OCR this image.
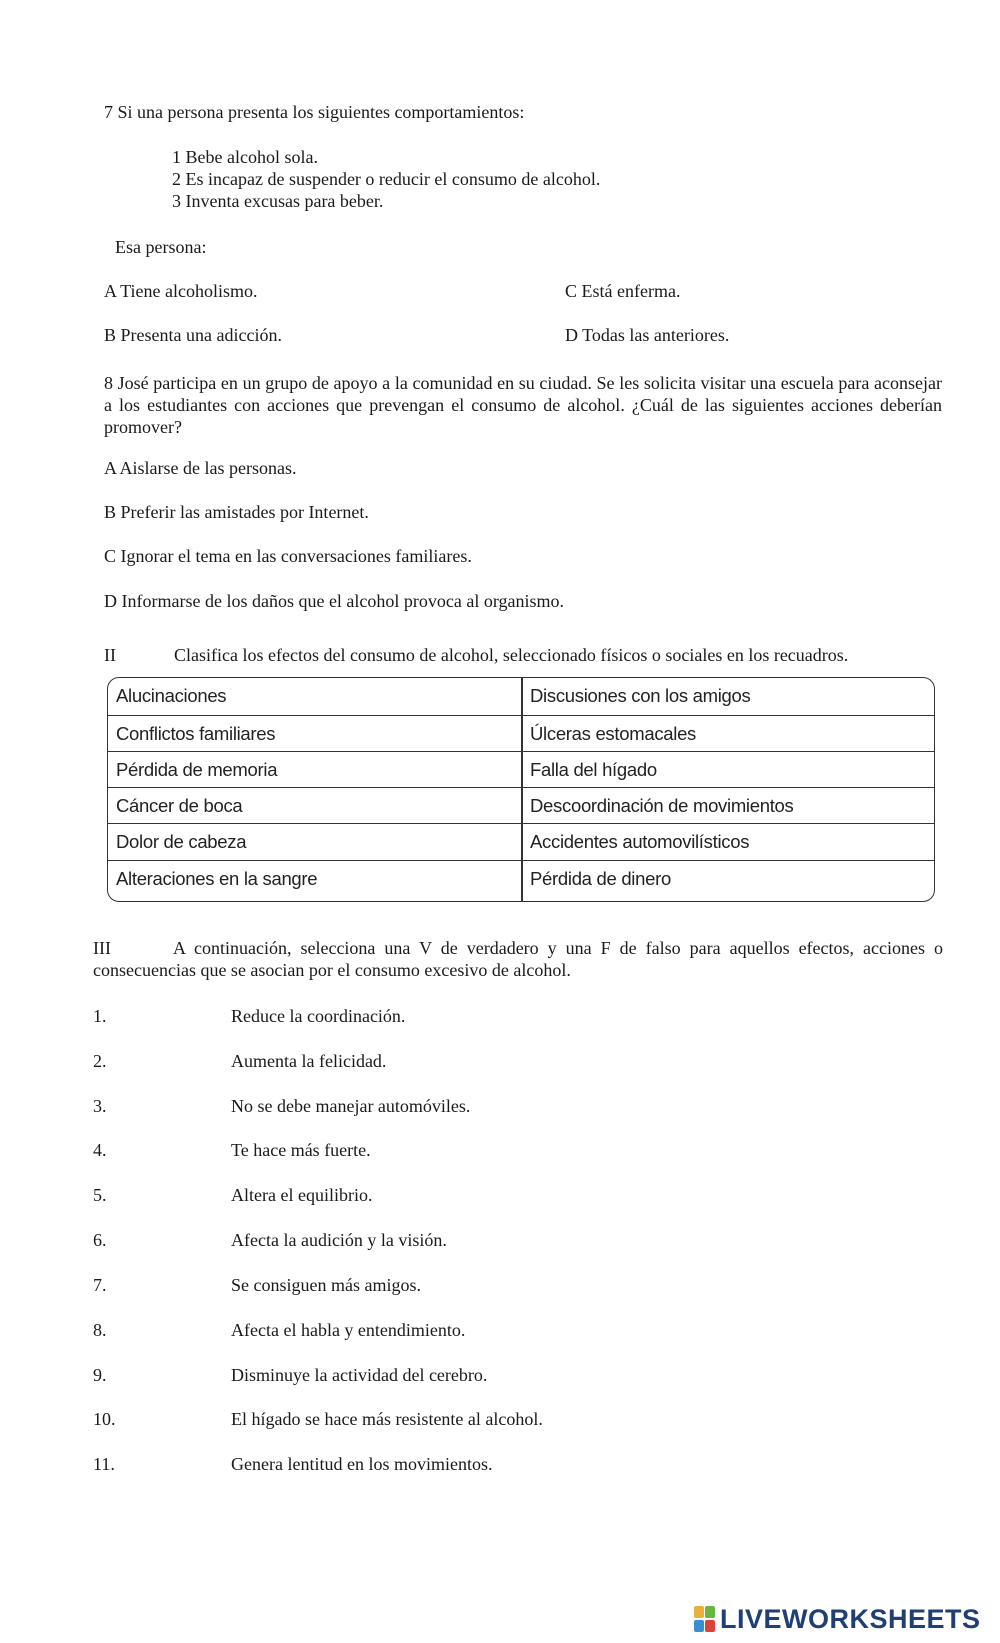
7 Si una persona presenta los siguientes comportamientos:
1 Bebe alcohol sola.
2 Es incapaz de suspender o reducir el consumo de alcohol.
3 Inventa excusas para beber.
Esa persona:
A Tiene alcoholismo.	C Está enferma.
B Presenta una adicción.	D Todas las anteriores.
8 José participa en un grupo de apoyo a la comunidad en su ciudad. Se les solicita visitar una escuela para aconsejar a los estudiantes con acciones que prevengan el consumo de alcohol. ¿Cuál de las siguientes acciones deberían promover?
A Aislarse de las personas.
B Preferir las amistades por Internet.
C Ignorar el tema en las conversaciones familiares.
D Informarse de los daños que el alcohol provoca al organismo.
II	Clasifica los efectos del consumo de alcohol, seleccionado físicos o sociales en los recuadros.
Alucinaciones	Discusiones con los amigos
Conflictos familiares	Úlceras estomacales
Pérdida de memoria	Falla del hígado
Cáncer de boca	Descoordinación de movimientos
Dolor de cabeza	Accidentes automovilísticos
Alteraciones en la sangre	Pérdida de dinero
III	A continuación, selecciona una V de verdadero y una F de falso para aquellos efectos, acciones o consecuencias que se asocian por el consumo excesivo de alcohol.
1.	Reduce la coordinación.
2.	Aumenta la felicidad.
3.	No se debe manejar automóviles.
4.	Te hace más fuerte.
5.	Altera el equilibrio.
6.	Afecta la audición y la visión.
7.	Se consiguen más amigos.
8.	Afecta el habla y entendimiento.
9.	Disminuye la actividad del cerebro.
10.	El hígado se hace más resistente al alcohol.
11.	Genera lentitud en los movimientos.
LIVEWORKSHEETS
